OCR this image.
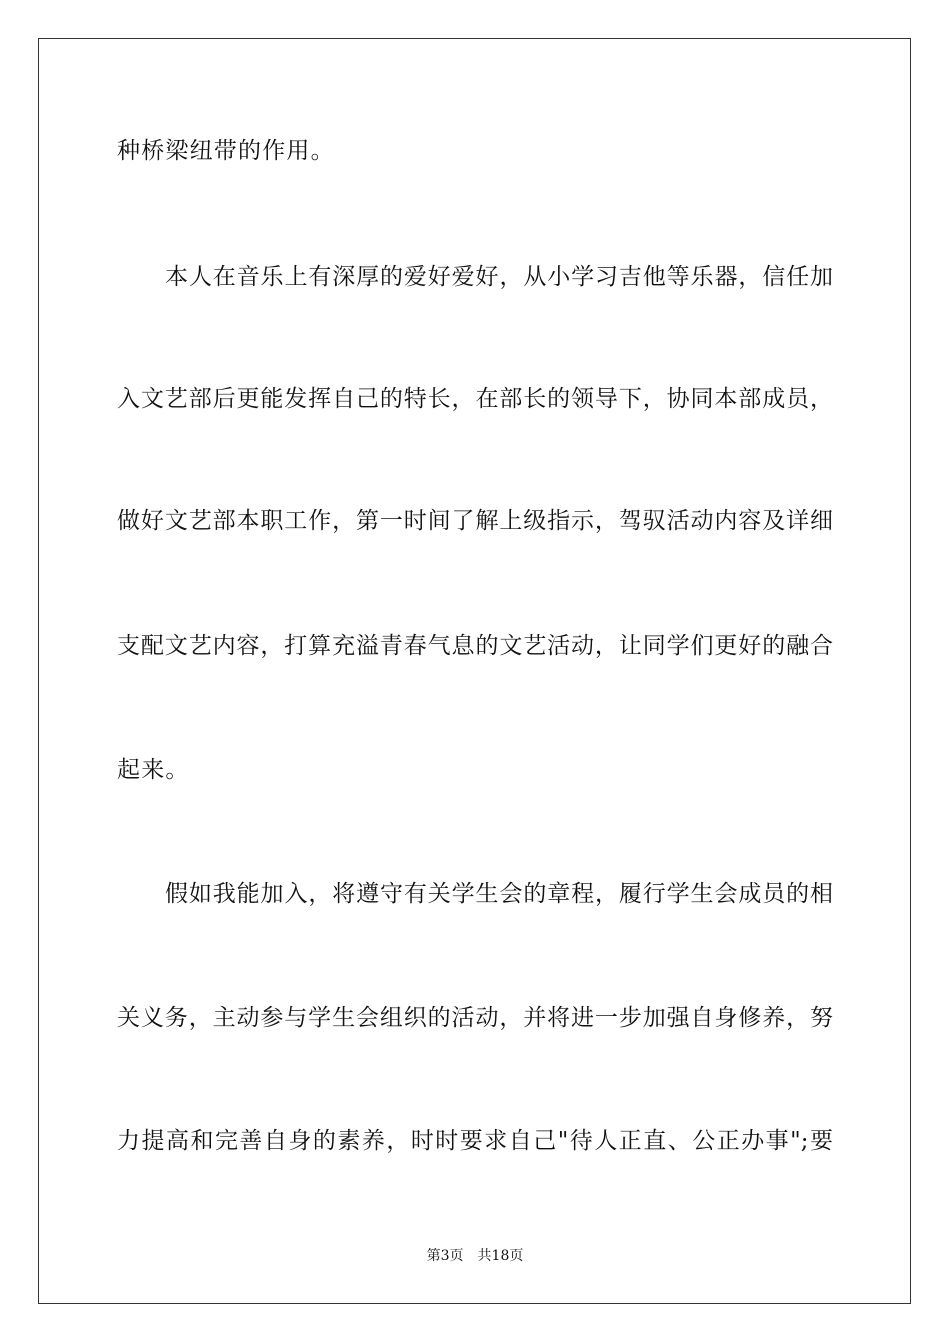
种桥梁纽带的作用。
本人在音乐上有深厚的爱好爱好，从小学习吉他等乐器，信任加
入文艺部后更能发挥自己的特长，在部长的领导下，协同本部成员，
做好文艺部本职工作，第一时间了解上级指示，驾驭活动内容及详细
支配文艺内容，打算充溢青春气息的文艺活动，让同学们更好的融合
起来。
假如我能加入，将遵守有关学生会的章程，履行学生会成员的相
关义务，主动参与学生会组织的活动，并将进一步加强自身修养，努
力提高和完善自身的素养，时时要求自己"待人正直、公正办事";要
第3页 共18页
